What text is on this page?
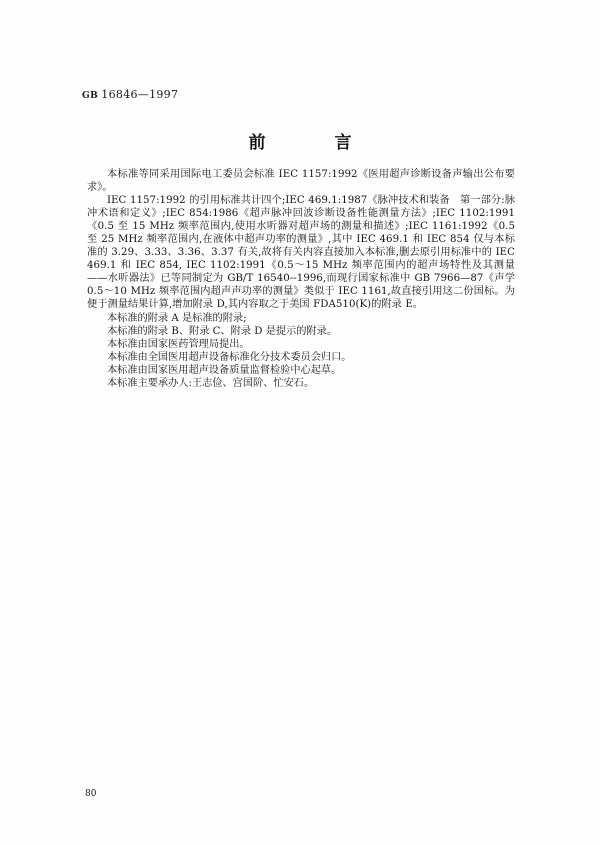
GB 16846—1997
前　言

本标准等同采用国际电工委员会标准 IEC 1157:1992《医用超声诊断设备声输出公布要求》。

IEC 1157:1992 的引用标准共计四个;IEC 469.1:1987《脉冲技术和装备　第一部分:脉冲术语和定义》;IEC 854:1986《超声脉冲回波诊断设备性能测量方法》;IEC 1102:1991《0.5 至 15 MHz 频率范围内,使用水听器对超声场的测量和描述》;IEC 1161:1992《0.5 至 25 MHz 频率范围内,在液体中超声功率的测量》,其中 IEC 469.1 和 IEC 854 仅与本标准的 3.29、3.33、3.36、3.37 有关,故将有关内容直接加入本标准,删去原引用标准中的 IEC 469.1 和 IEC 854, IEC 1102:1991《0.5～15 MHz 频率范围内的超声场特性及其测量——水听器法》已等同制定为 GB/T 16540--1996,而现行国家标准中 GB 7966—87《声学　0.5～10 MHz 频率范围内超声声功率的测量》类似于 IEC 1161,故直接引用这二份国标。为便于测量结果计算,增加附录 D,其内容取之于美国 FDA510(K)的附录 E。

本标准的附录 A 是标准的附录;

本标准的附录 B、附录 C、附录 D 是提示的附录。

本标准由国家医药管理局提出。

本标准由全国医用超声设备标准化分技术委员会归口。

本标准由国家医用超声设备质量监督检验中心起草。

本标准主要承办人:王志俭、宫国阶、忙安石。

80
